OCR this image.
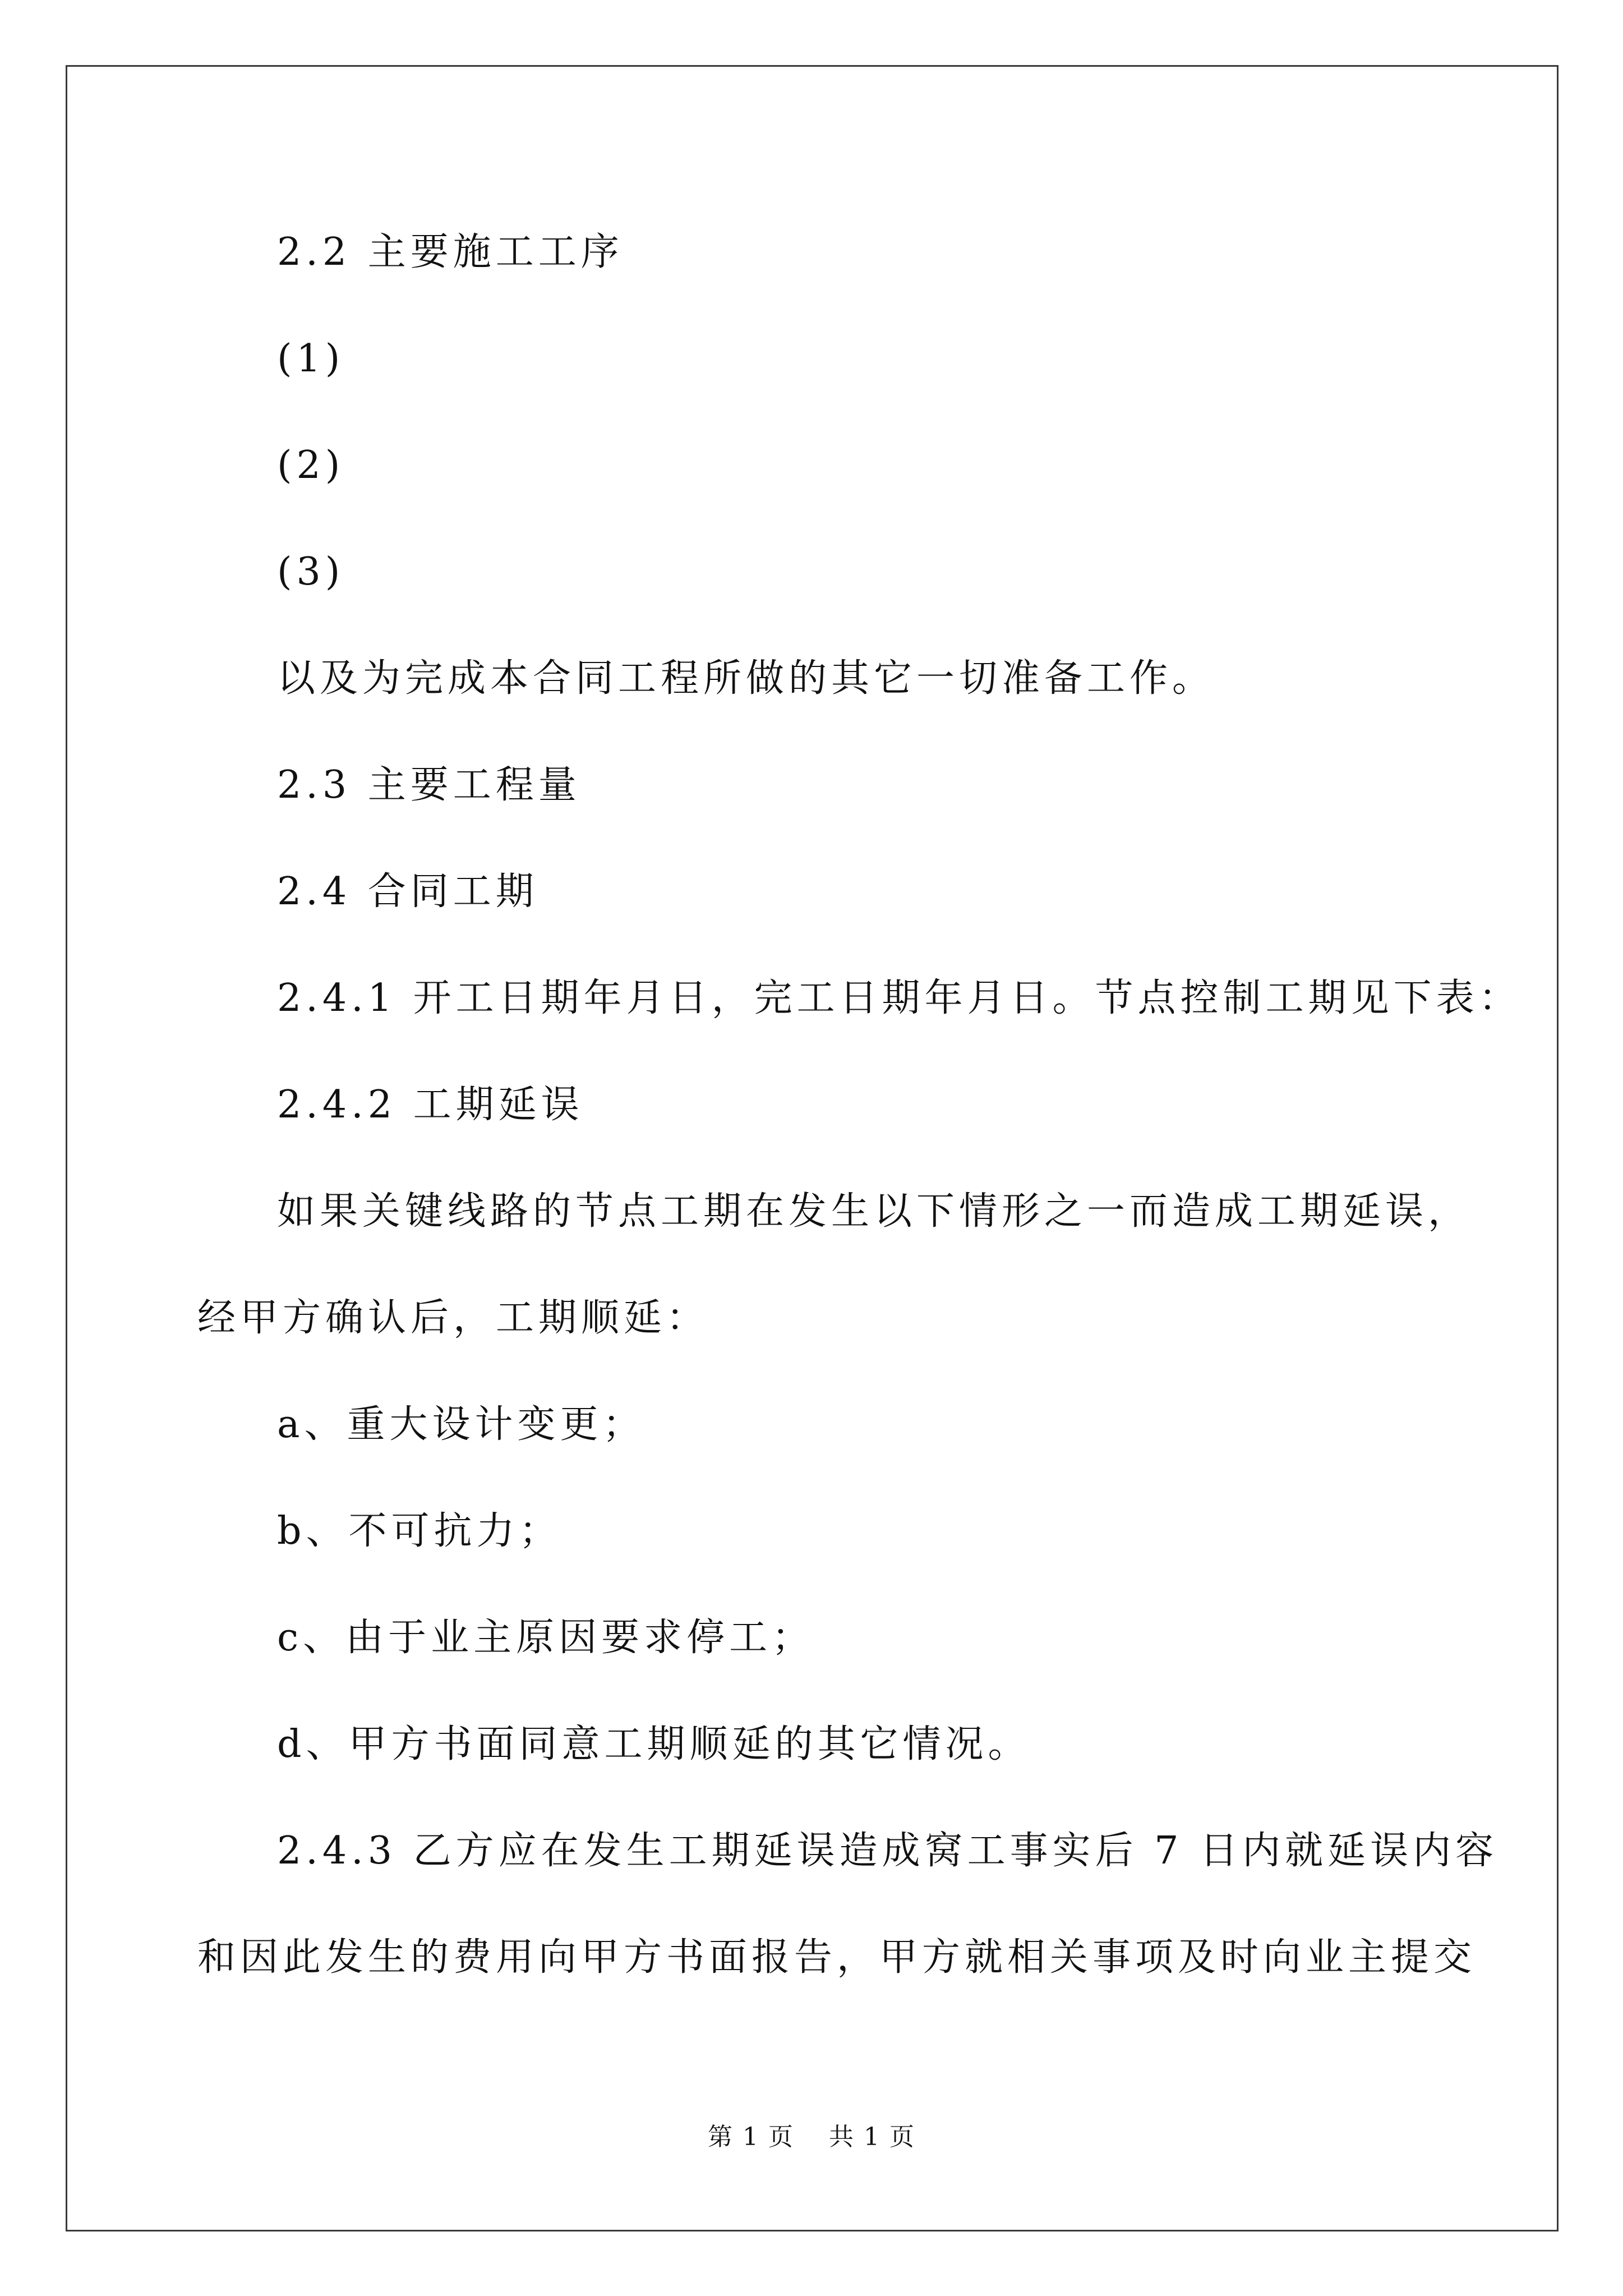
2.2 主要施工工序
(1)
(2)
(3)
以及为完成本合同工程所做的其它一切准备工作。
2.3 主要工程量
2.4 合同工期
2.4.1 开工日期年月日，完工日期年月日。节点控制工期见下表：
2.4.2 工期延误
如果关键线路的节点工期在发生以下情形之一而造成工期延误，
经甲方确认后，工期顺延：
a、重大设计变更；
b、不可抗力；
c、由于业主原因要求停工；
d、甲方书面同意工期顺延的其它情况。
2.4.3 乙方应在发生工期延误造成窝工事实后 7 日内就延误内容
和因此发生的费用向甲方书面报告，甲方就相关事项及时向业主提交
第 1 页　 共 1 页
